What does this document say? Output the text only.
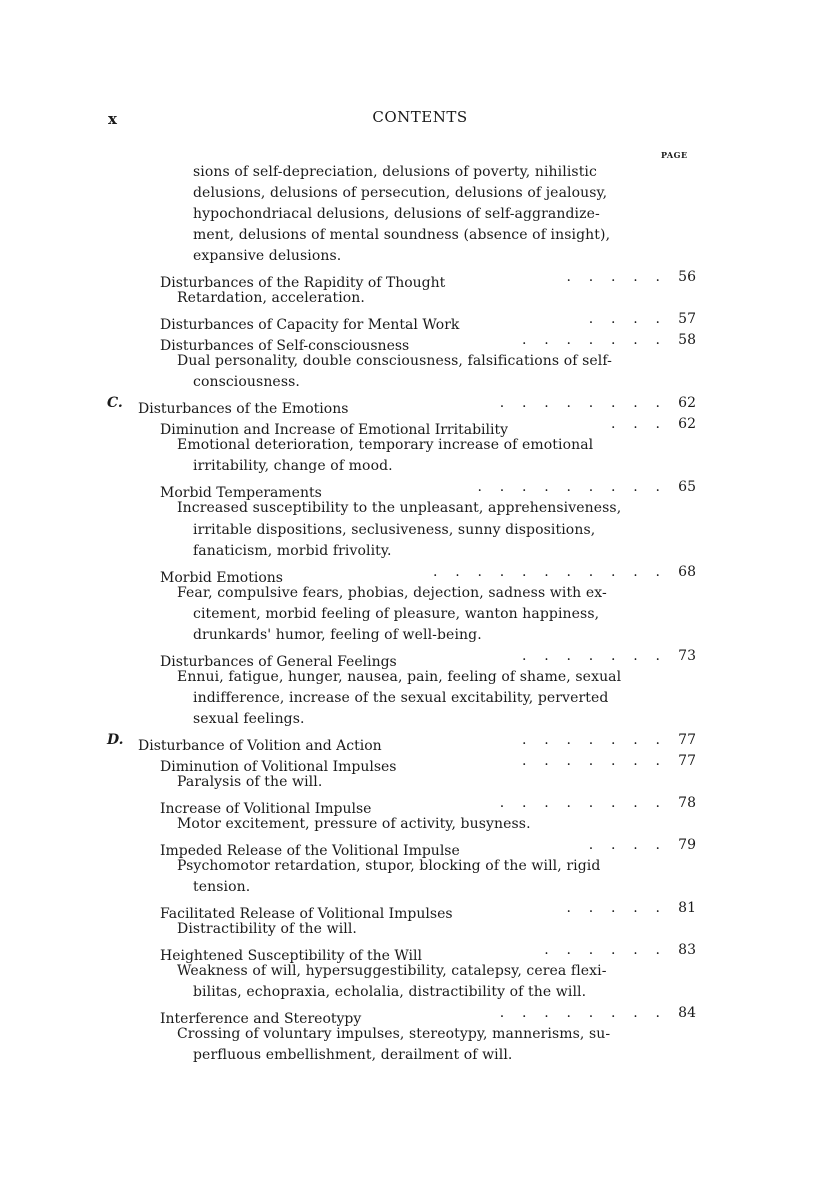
x	CONTENTS
PAGE
sions of self-depreciation, delusions of poverty, nihilistic
delusions, delusions of persecution, delusions of jealousy,
hypochondriacal delusions, delusions of self-aggrandize-
ment, delusions of mental soundness (absence of insight),
expansive delusions.
Disturbances of the Rapidity of Thought	.    .    .    .    . 56
Retardation, acceleration.
Disturbances of Capacity for Mental Work	.    .    .    . 57
Disturbances of Self-consciousness	.    .    .    .    .    .    . 58
Dual personality, double consciousness, falsifications of self-
consciousness.
C. Disturbances of the Emotions	.    .    .    .    .    .    .    . 62
Diminution and Increase of Emotional Irritability	.    .    . 62
Emotional deterioration, temporary increase of emotional
irritability, change of mood.
Morbid Temperaments	.    .    .    .    .    .    .    .    . 65
Increased susceptibility to the unpleasant, apprehensiveness,
irritable dispositions, seclusiveness, sunny dispositions,
fanaticism, morbid frivolity.
Morbid Emotions	.    .    .    .    .    .    .    .    .    .    . 68
Fear, compulsive fears, phobias, dejection, sadness with ex-
citement, morbid feeling of pleasure, wanton happiness,
drunkards' humor, feeling of well-being.
Disturbances of General Feelings	.    .    .    .    .    .    . 73
Ennui, fatigue, hunger, nausea, pain, feeling of shame, sexual
indifference, increase of the sexual excitability, perverted
sexual feelings.
D. Disturbance of Volition and Action	.    .    .    .    .    .    . 77
Diminution of Volitional Impulses	.    .    .    .    .    .    . 77
Paralysis of the will.
Increase of Volitional Impulse	.    .    .    .    .    .    .    . 78
Motor excitement, pressure of activity, busyness.
Impeded Release of the Volitional Impulse	.    .    .    . 79
Psychomotor retardation, stupor, blocking of the will, rigid
tension.
Facilitated Release of Volitional Impulses	.    .    .    .    . 81
Distractibility of the will.
Heightened Susceptibility of the Will	.    .    .    .    .    . 83
Weakness of will, hypersuggestibility, catalepsy, cerea flexi-
bilitas, echopraxia, echolalia, distractibility of the will.
Interference and Stereotypy	.    .    .    .    .    .    .    . 84
Crossing of voluntary impulses, stereotypy, mannerisms, su-
perfluous embellishment, derailment of will.
